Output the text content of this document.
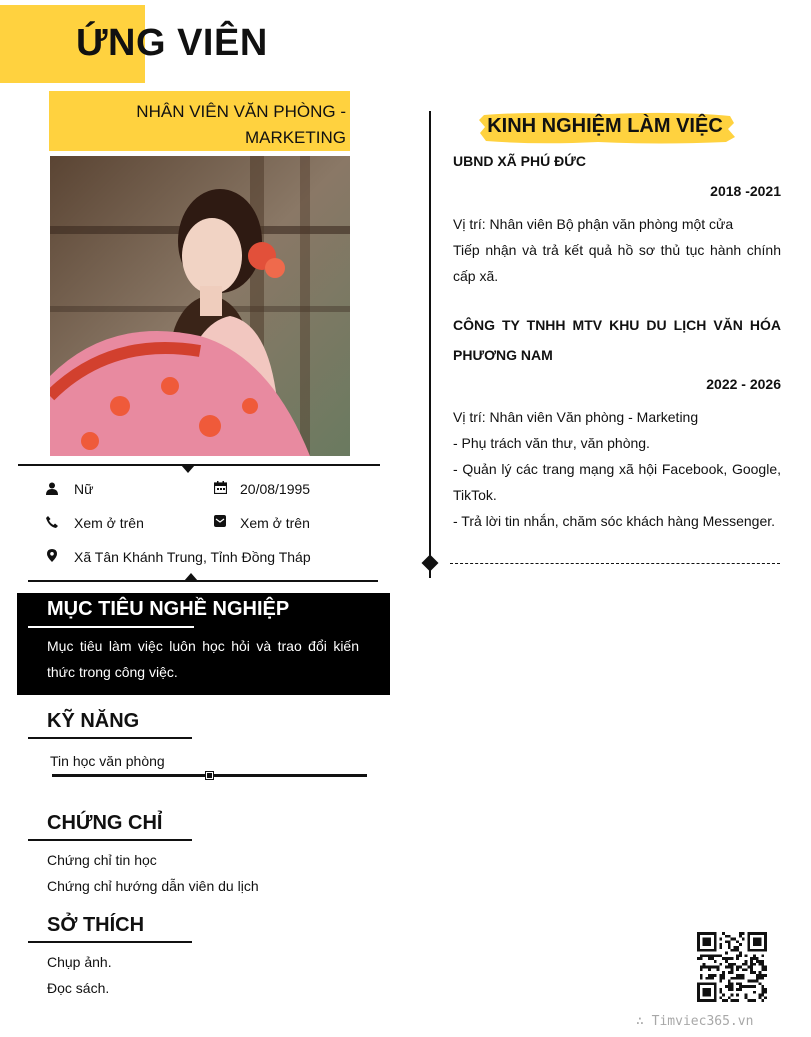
ỨNG VIÊN
NHÂN VIÊN VĂN PHÒNG -
MARKETING
Nữ	20/08/1995
Xem ở trên	Xem ở trên
Xã Tân Khánh Trung, Tỉnh Đồng Tháp
MỤC TIÊU NGHỀ NGHIỆP
Mục tiêu làm việc luôn học hỏi và trao đổi kiến thức trong công việc.
KỸ NĂNG
Tin học văn phòng
CHỨNG CHỈ
Chứng chỉ tin học
Chứng chỉ hướng dẫn viên du lịch
SỞ THÍCH
Chụp ảnh.
Đọc sách.
KINH NGHIỆM LÀM VIỆC
UBND XÃ PHÚ ĐỨC
2018 -2021
Vị trí: Nhân viên Bộ phận văn phòng một cửa
Tiếp nhận và trả kết quả hồ sơ thủ tục hành chính cấp xã.
CÔNG TY TNHH MTV KHU DU LỊCH VĂN HÓA PHƯƠNG NAM
2022 - 2026
Vị trí: Nhân viên Văn phòng - Marketing
- Phụ trách văn thư, văn phòng.
- Quản lý các trang mạng xã hội Facebook, Google, TikTok.
- Trả lời tin nhắn, chăm sóc khách hàng Messenger.
∴ Timviec365.vn
